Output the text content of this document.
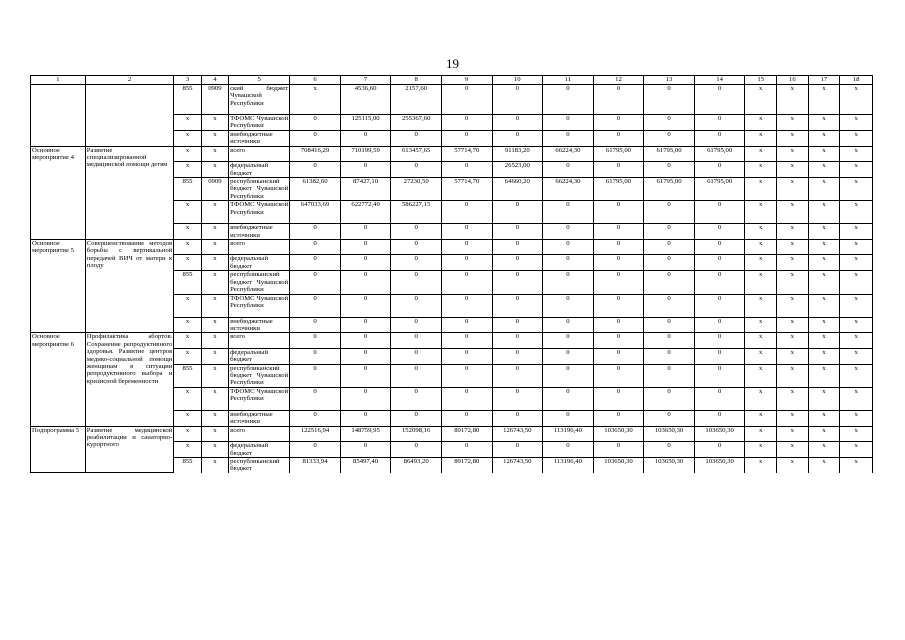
19
1	2	3	4	5	6	7	8	9	10	11	12	13	14	15	16	17	18
		855	0909	ский бюджет Чувашской Республики	x	4536,60	2157,60	0	0	0	0	0	0	x	x	x	x
		x	x	ТФОМС Чувашской Республики	0	125115,00	255367,60	0	0	0	0	0	0	x	x	x	x
		x	x	внебюджетные источники	0	0	0	0	0	0	0	0	0	x	x	x	x
Основное мероприятие 4	Развитие специализированной медицинской помощи детям	x	x	всего	708416,29	710199,59	613457,65	57714,70	91183,20	66224,30	61795,00	61795,00	61795,00	x	x	x	x
		x	x	федеральный бюджет	0	0	0	0	26523,00	0	0	0	0	x	x	x	x
		855	0909	республиканский бюджет Чувашской Республики	61382,60	87427,10	27230,50	57714,70	64660,20	66224,30	61795,00	61795,00	61795,00	x	x	x	x
		x	x	ТФОМС Чувашской Республики	647033,69	622772,49	586227,15	0	0	0	0	0	0	x	x	x	x
		x	x	внебюджетные источники	0	0	0	0	0	0	0	0	0	x	x	x	x
Основное мероприятие 5	Совершенствование методов борьбы с вертикальной передачей ВИЧ от матери к плоду	x	x	всего	0	0	0	0	0	0	0	0	0	x	x	x	x
		x	x	федеральный бюджет	0	0	0	0	0	0	0	0	0	x	x	x	x
		855	x	республиканский бюджет Чувашской Республики	0	0	0	0	0	0	0	0	0	x	x	x	x
		x	x	ТФОМС Чувашской Республики	0	0	0	0	0	0	0	0	0	x	x	x	x
		x	x	внебюджетные источники	0	0	0	0	0	0	0	0	0	x	x	x	x
Основное мероприятие 6	Профилактика абортов. Сохранение репродуктивного здоровья. Развитие центров медико-социальной помощи женщинам в ситуации репродуктивного выбора и кризисной беременности	x	x	всего	0	0	0	0	0	0	0	0	0	x	x	x	x
		x	x	федеральный бюджет	0	0	0	0	0	0	0	0	0	x	x	x	x
		855	x	республиканский бюджет Чувашской Республики	0	0	0	0	0	0	0	0	0	x	x	x	x
		x	x	ТФОМС Чувашской Республики	0	0	0	0	0	0	0	0	0	x	x	x	x
		x	x	внебюджетные источники	0	0	0	0	0	0	0	0	0	x	x	x	x
Подпрограмма 5	Развитие медицинской реабилитации и санаторно-курортного	x	x	всего	122516,94	148759,95	152098,16	89172,80	126743,50	113196,40	103650,30	103650,30	103650,30	x	x	x	x
		x	x	федеральный бюджет	0	0	0	0	0	0	0	0	0	x	x	x	x
		855	x	республиканский бюджет	81333,94	85497,40	86493,20	89172,80	126743,50	113196,40	103650,30	103650,30	103650,30	x	x	x	x
